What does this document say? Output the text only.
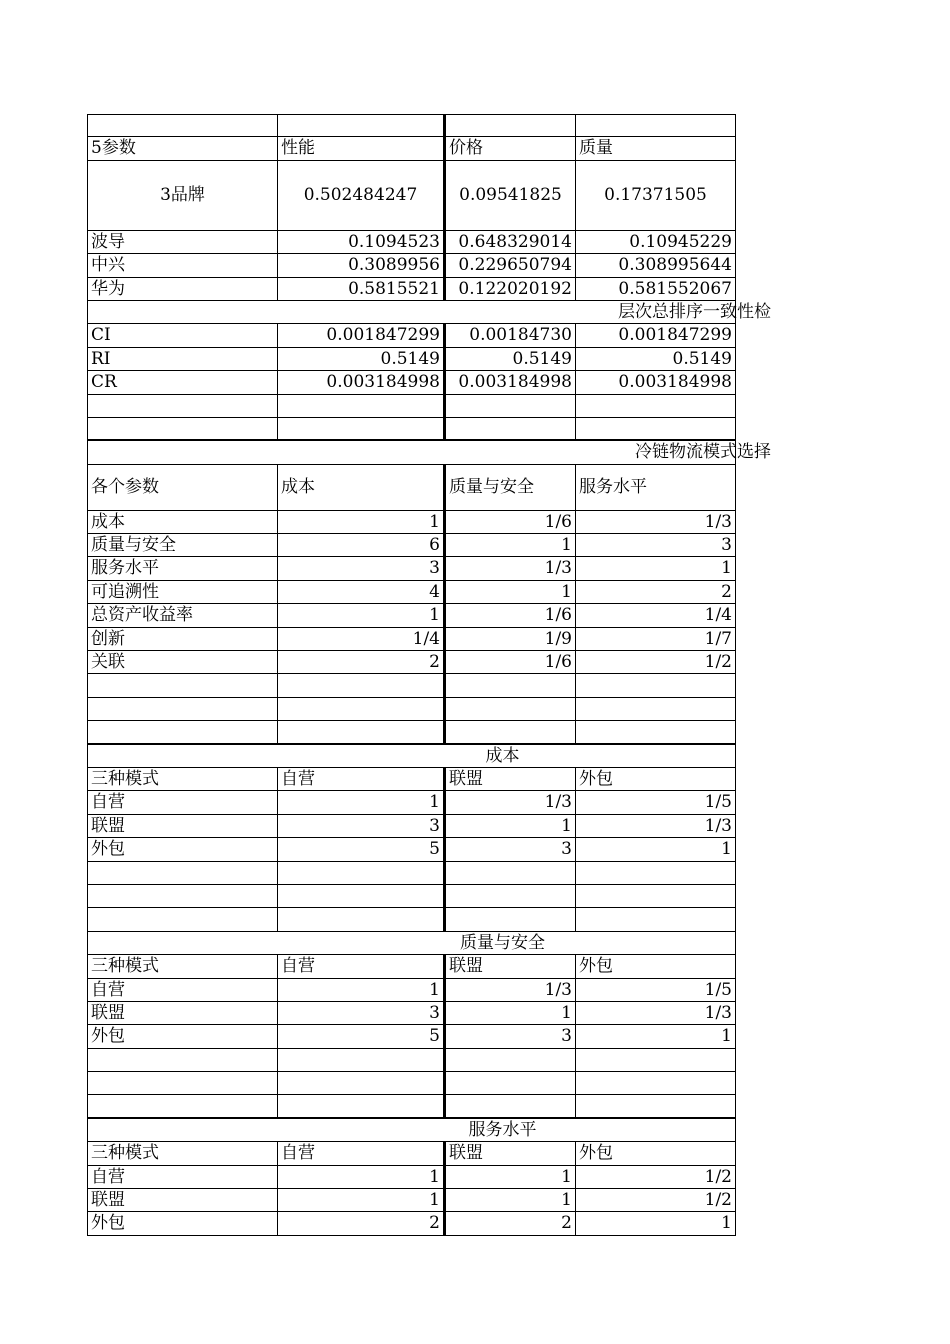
5参数	性能	价格	质量
3品牌	0.502484247	0.09541825	0.17371505
波导	0.1094523	0.648329014	0.10945229
中兴	0.3089956	0.229650794	0.308995644
华为	0.5815521	0.122020192	0.581552067
层次总排序一致性检
CI	0.001847299	0.00184730	0.001847299
RI	0.5149	0.5149	0.5149
CR	0.003184998	0.003184998	0.003184998
冷链物流模式选择
各个参数	成本	质量与安全	服务水平
成本	1	1/6	1/3
质量与安全	6	1	3
服务水平	3	1/3	1
可追溯性	4	1	2
总资产收益率	1	1/6	1/4
创新	1/4	1/9	1/7
关联	2	1/6	1/2
成本
三种模式	自营	联盟	外包
自营	1	1/3	1/5
联盟	3	1	1/3
外包	5	3	1
质量与安全
三种模式	自营	联盟	外包
自营	1	1/3	1/5
联盟	3	1	1/3
外包	5	3	1
服务水平
三种模式	自营	联盟	外包
自营	1	1	1/2
联盟	1	1	1/2
外包	2	2	1
